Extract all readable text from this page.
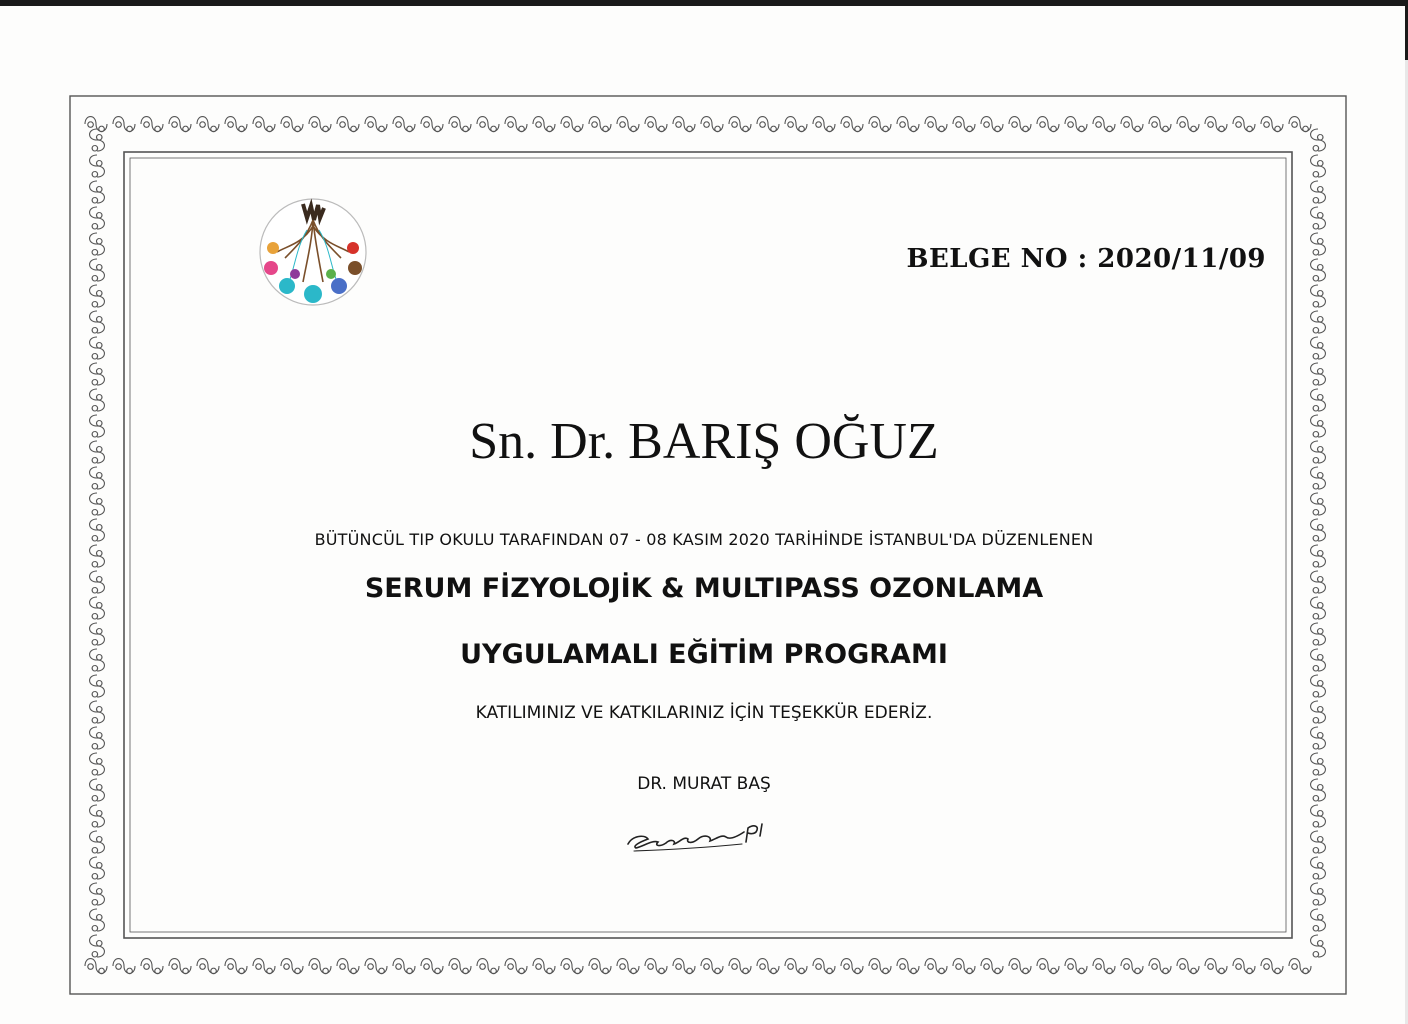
BELGE NO : 2020/11/09
Sn. Dr. BARIŞ OĞUZ
BÜTÜNCÜL TIP OKULU TARAFINDAN 07 - 08 KASIM 2020 TARİHİNDE İSTANBUL'DA DÜZENLENEN
SERUM FİZYOLOJİK & MULTIPASS OZONLAMA
UYGULAMALI EĞİTİM PROGRAMI
KATILIMINIZ VE KATKILARINIZ İÇİN TEŞEKKÜR EDERİZ.
DR. MURAT BAŞ
